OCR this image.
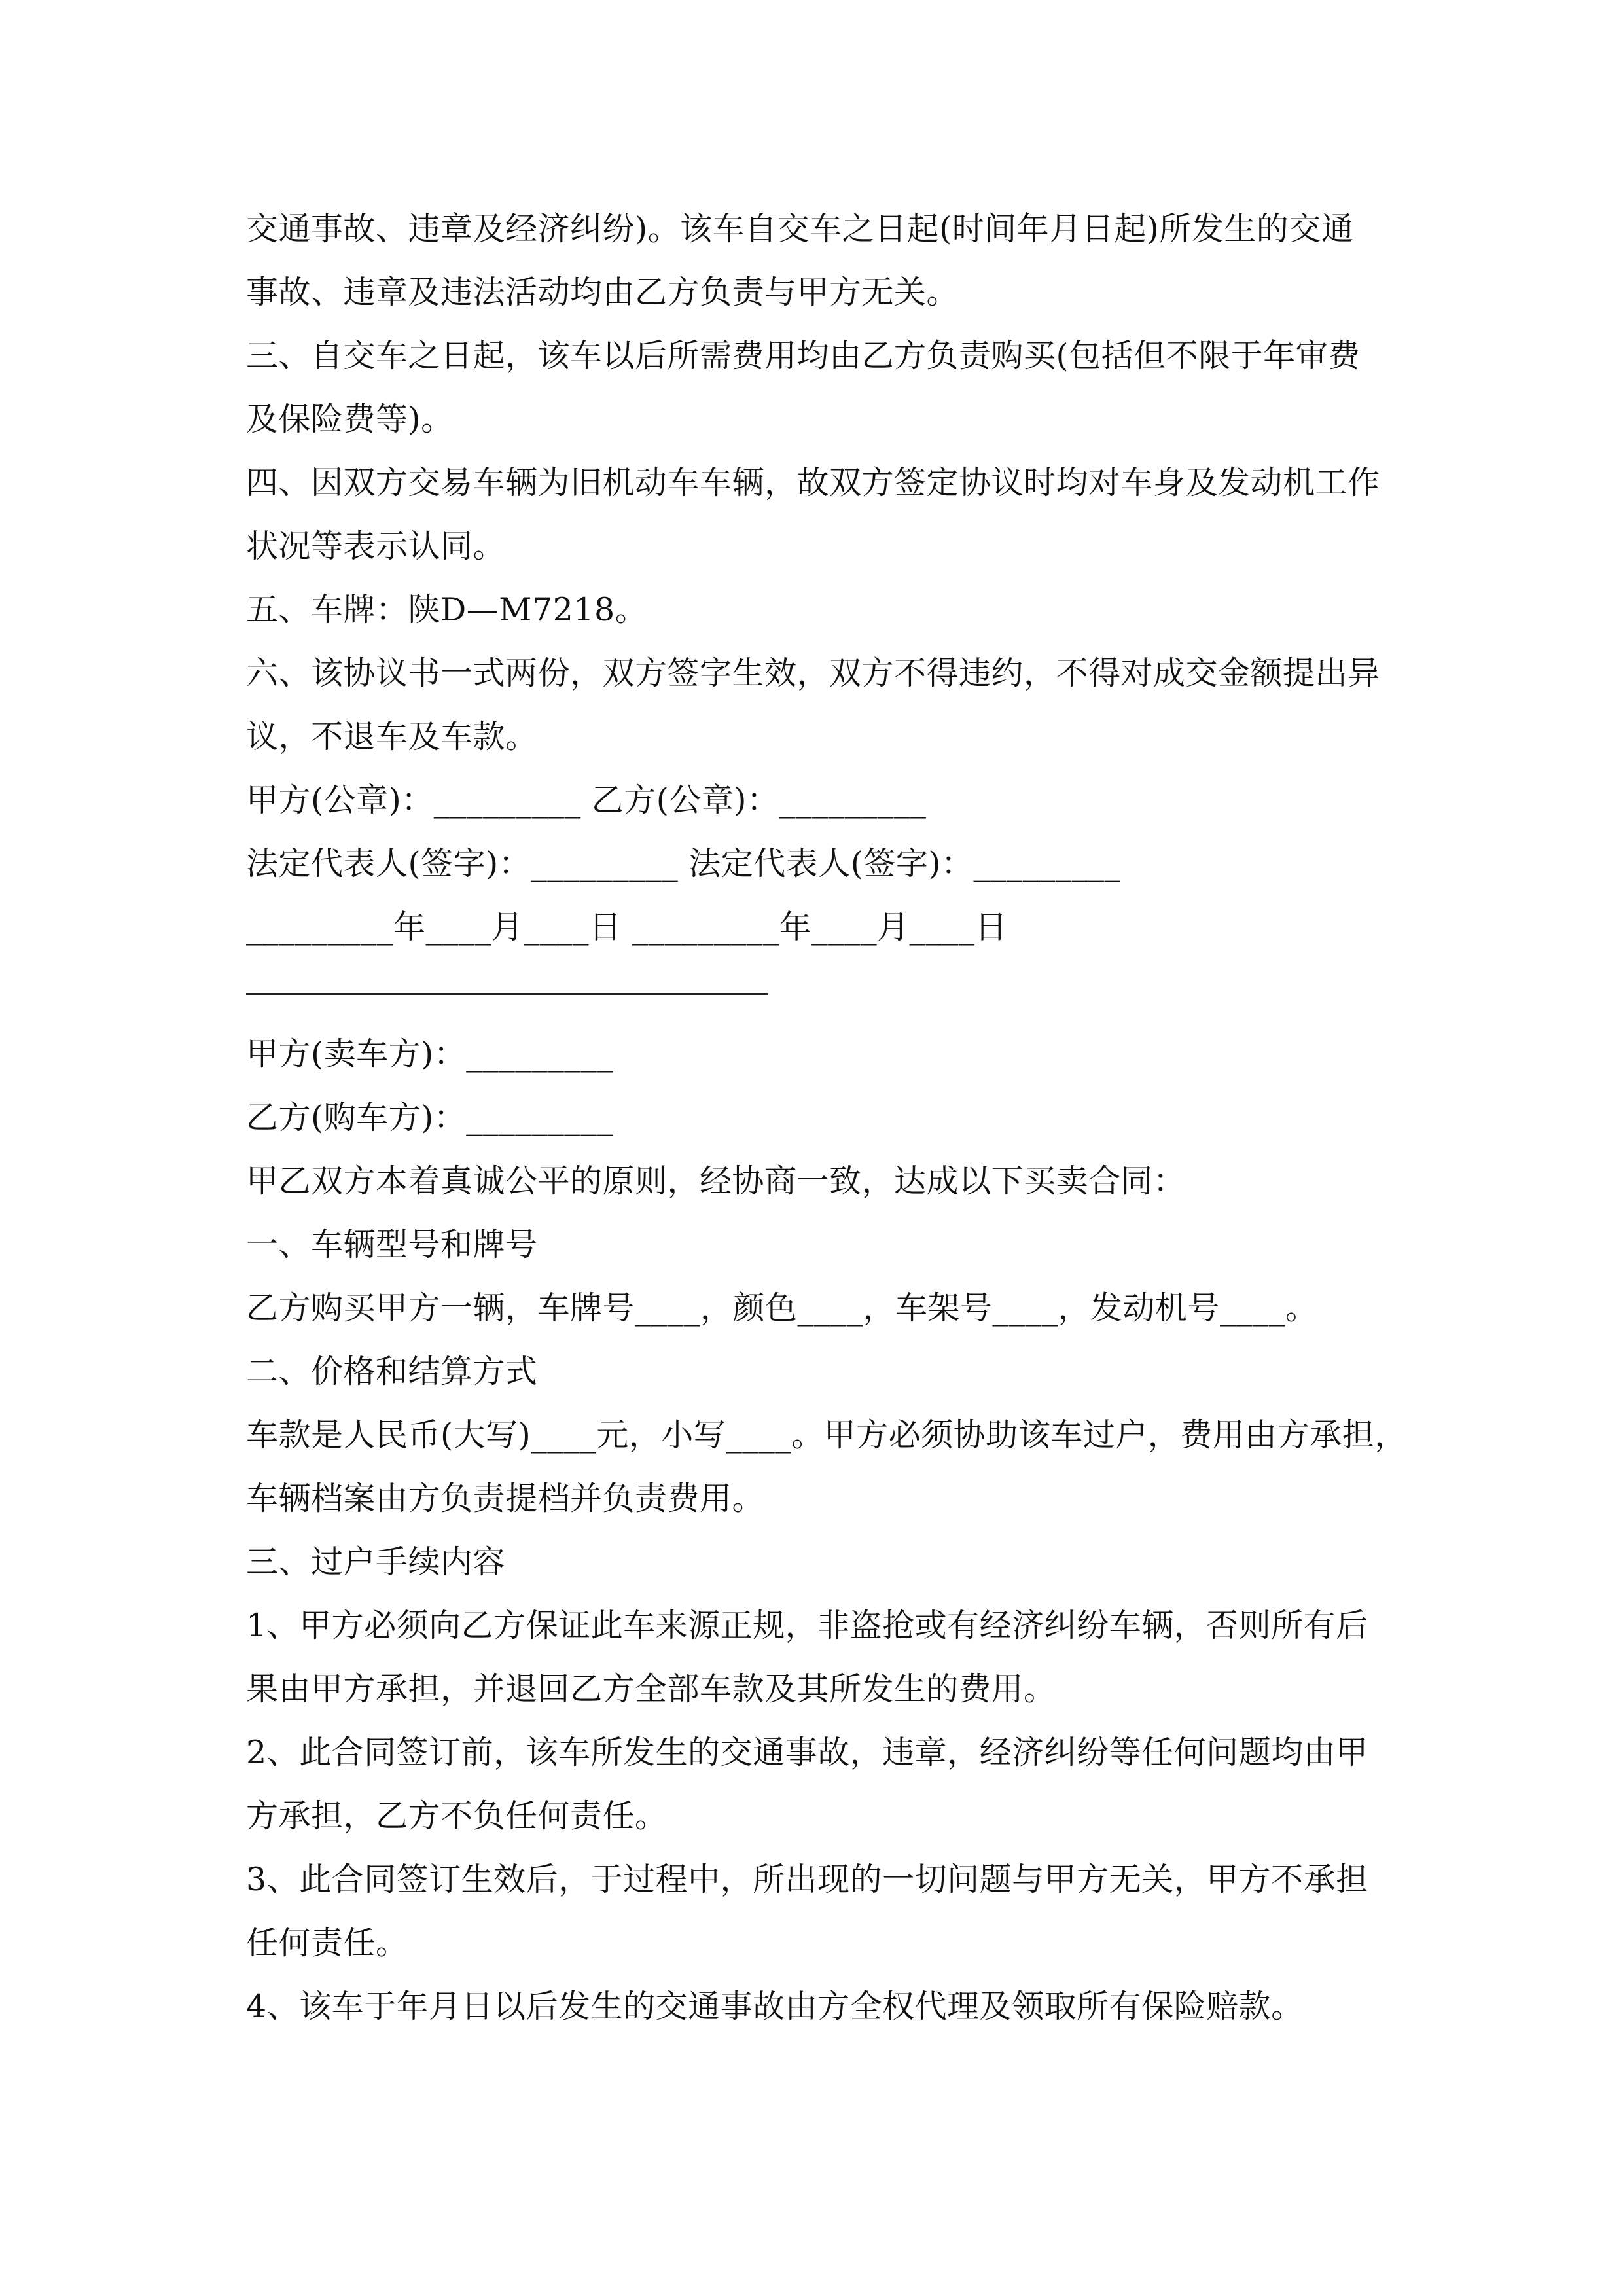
交通事故、违章及经济纠纷)。该车自交车之日起(时间年月日起)所发生的交通
事故、违章及违法活动均由乙方负责与甲方无关。
三、自交车之日起，该车以后所需费用均由乙方负责购买(包括但不限于年审费
及保险费等)。
四、因双方交易车辆为旧机动车车辆，故双方签定协议时均对车身及发动机工作
状况等表示认同。
五、车牌：陕D—M7218。
六、该协议书一式两份，双方签字生效，双方不得违约，不得对成交金额提出异
议，不退车及车款。
甲方(公章)：_________ 乙方(公章)：_________
法定代表人(签字)：_________ 法定代表人(签字)：_________
_________年____月____日 _________年____月____日
甲方(卖车方)：_________
乙方(购车方)：_________
甲乙双方本着真诚公平的原则，经协商一致，达成以下买卖合同：
一、车辆型号和牌号
乙方购买甲方一辆，车牌号____，颜色____，车架号____，发动机号____。
二、价格和结算方式
车款是人民币(大写)____元，小写____。甲方必须协助该车过户，费用由方承担，
车辆档案由方负责提档并负责费用。
三、过户手续内容
1、甲方必须向乙方保证此车来源正规，非盗抢或有经济纠纷车辆，否则所有后
果由甲方承担，并退回乙方全部车款及其所发生的费用。
2、此合同签订前，该车所发生的交通事故，违章，经济纠纷等任何问题均由甲
方承担，乙方不负任何责任。
3、此合同签订生效后，于过程中，所出现的一切问题与甲方无关，甲方不承担
任何责任。
4、该车于年月日以后发生的交通事故由方全权代理及领取所有保险赔款。
